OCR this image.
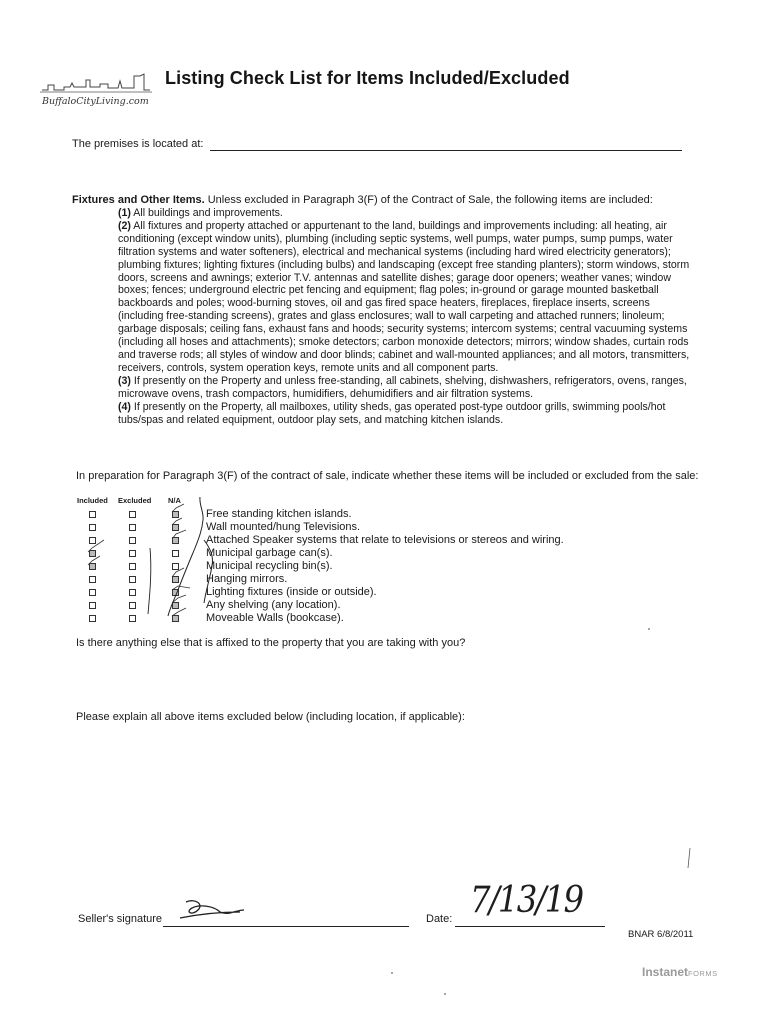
BuffaloCityLiving.com
Listing Check List for Items Included/Excluded
The premises is located at:
Fixtures and Other Items. Unless excluded in Paragraph 3(F) of the Contract of Sale, the following items are included:

(1) All buildings and improvements.

(2) All fixtures and property attached or appurtenant to the land, buildings and improvements including: all heating, air conditioning (except window units), plumbing (including septic systems, well pumps, water pumps, sump pumps, water filtration systems and water softeners), electrical and mechanical systems (including hard wired electricity generators); plumbing fixtures; lighting fixtures (including bulbs) and landscaping (except free standing planters); storm windows, storm doors, screens and awnings; exterior T.V. antennas and satellite dishes; garage door openers; weather vanes; window boxes; fences; underground electric pet fencing and equipment; flag poles; in-ground or garage mounted basketball backboards and poles; wood-burning stoves, oil and gas fired space heaters, fireplaces, fireplace inserts, screens (including free-standing screens), grates and glass enclosures; wall to wall carpeting and attached runners; linoleum; garbage disposals; ceiling fans, exhaust fans and hoods; security systems; intercom systems; central vacuuming systems (including all hoses and attachments); smoke detectors; carbon monoxide detectors; mirrors; window shades, curtain rods and traverse rods; all styles of window and door blinds; cabinet and wall-mounted appliances; and all motors, transmitters, receivers, controls, system operation keys, remote units and all component parts.

(3) If presently on the Property and unless free-standing, all cabinets, shelving, dishwashers, refrigerators, ovens, ranges, microwave ovens, trash compactors, humidifiers, dehumidifiers and air filtration systems.

(4) If presently on the Property, all mailboxes, utility sheds, gas operated post-type outdoor grills, swimming pools/hot tubs/spas and related equipment, outdoor play sets, and matching kitchen islands.

In preparation for Paragraph 3(F) of the contract of sale, indicate whether these items will be included or excluded from the sale:
Included Excluded N/A
Free standing kitchen islands.
Wall mounted/hung Televisions.
Attached Speaker systems that relate to televisions or stereos and wiring.
Municipal garbage can(s).
Municipal recycling bin(s).
Hanging mirrors.
Lighting fixtures (inside or outside).
Any shelving (any location).
Moveable Walls (bookcase).
Is there anything else that is affixed to the property that you are taking with you?
Please explain all above items excluded below (including location, if applicable):
Seller's signature	Date: 7/13/19
BNAR 6/8/2011
InstanetFORMS
